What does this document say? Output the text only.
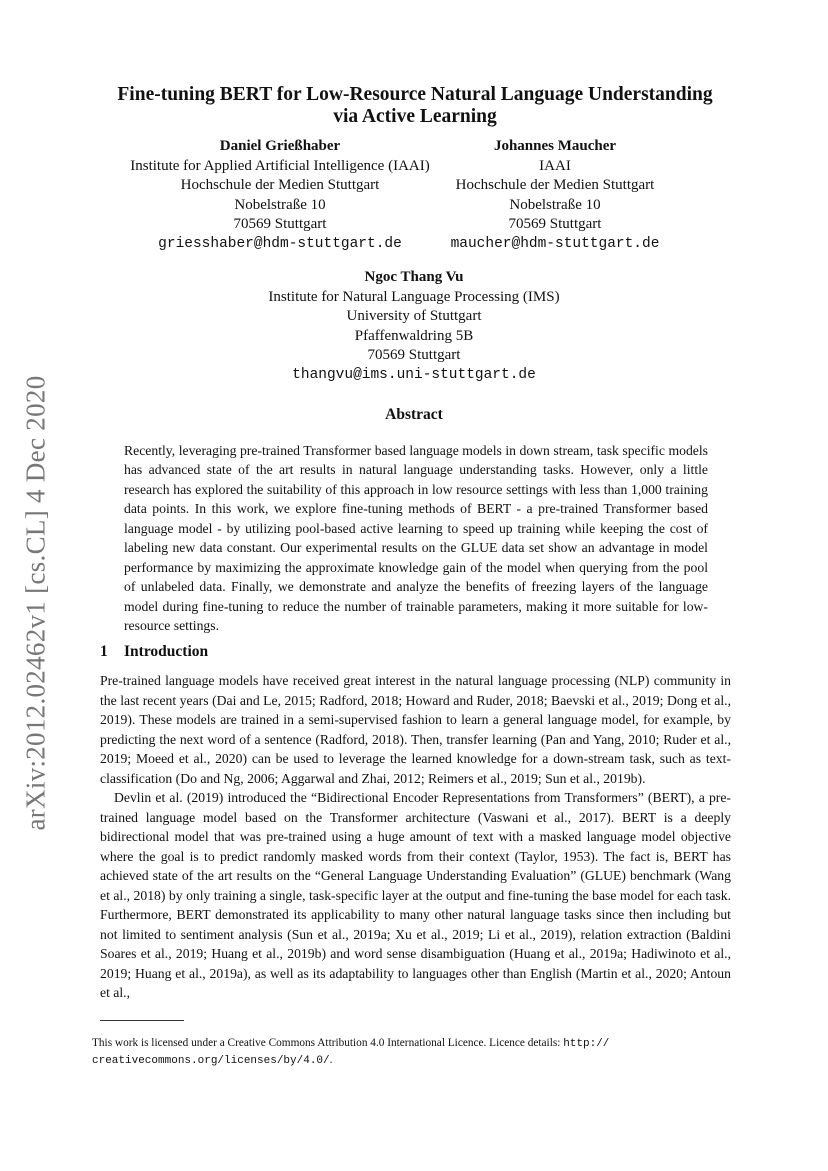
arXiv:2012.02462v1 [cs.CL] 4 Dec 2020
Fine-tuning BERT for Low-Resource Natural Language Understanding
via Active Learning
Daniel Grießhaber
Institute for Applied Artificial Intelligence (IAAI)
Hochschule der Medien Stuttgart
Nobelstraße 10
70569 Stuttgart
griesshaber@hdm-stuttgart.de
Johannes Maucher
IAAI
Hochschule der Medien Stuttgart
Nobelstraße 10
70569 Stuttgart
maucher@hdm-stuttgart.de
Ngoc Thang Vu
Institute for Natural Language Processing (IMS)
University of Stuttgart
Pfaffenwaldring 5B
70569 Stuttgart
thangvu@ims.uni-stuttgart.de
Abstract
Recently, leveraging pre-trained Transformer based language models in down stream, task specific models has advanced state of the art results in natural language understanding tasks. However, only a little research has explored the suitability of this approach in low resource settings with less than 1,000 training data points. In this work, we explore fine-tuning methods of BERT - a pre-trained Transformer based language model - by utilizing pool-based active learning to speed up training while keeping the cost of labeling new data constant. Our experimental results on the GLUE data set show an advantage in model performance by maximizing the approximate knowledge gain of the model when querying from the pool of unlabeled data. Finally, we demonstrate and analyze the benefits of freezing layers of the language model during fine-tuning to reduce the number of trainable parameters, making it more suitable for low-resource settings.
1 Introduction

Pre-trained language models have received great interest in the natural language processing (NLP) community in the last recent years (Dai and Le, 2015; Radford, 2018; Howard and Ruder, 2018; Baevski et al., 2019; Dong et al., 2019). These models are trained in a semi-supervised fashion to learn a general language model, for example, by predicting the next word of a sentence (Radford, 2018). Then, transfer learning (Pan and Yang, 2010; Ruder et al., 2019; Moeed et al., 2020) can be used to leverage the learned knowledge for a down-stream task, such as text-classification (Do and Ng, 2006; Aggarwal and Zhai, 2012; Reimers et al., 2019; Sun et al., 2019b).

Devlin et al. (2019) introduced the “Bidirectional Encoder Representations from Transformers” (BERT), a pre-trained language model based on the Transformer architecture (Vaswani et al., 2017). BERT is a deeply bidirectional model that was pre-trained using a huge amount of text with a masked language model objective where the goal is to predict randomly masked words from their context (Taylor, 1953). The fact is, BERT has achieved state of the art results on the “General Language Understanding Evaluation” (GLUE) benchmark (Wang et al., 2018) by only training a single, task-specific layer at the output and fine-tuning the base model for each task. Furthermore, BERT demonstrated its applicability to many other natural language tasks since then including but not limited to sentiment analysis (Sun et al., 2019a; Xu et al., 2019; Li et al., 2019), relation extraction (Baldini Soares et al., 2019; Huang et al., 2019b) and word sense disambiguation (Huang et al., 2019a; Hadiwinoto et al., 2019; Huang et al., 2019a), as well as its adaptability to languages other than English (Martin et al., 2020; Antoun et al.,

This work is licensed under a Creative Commons Attribution 4.0 International Licence. Licence details: http://
creativecommons.org/licenses/by/4.0/.
